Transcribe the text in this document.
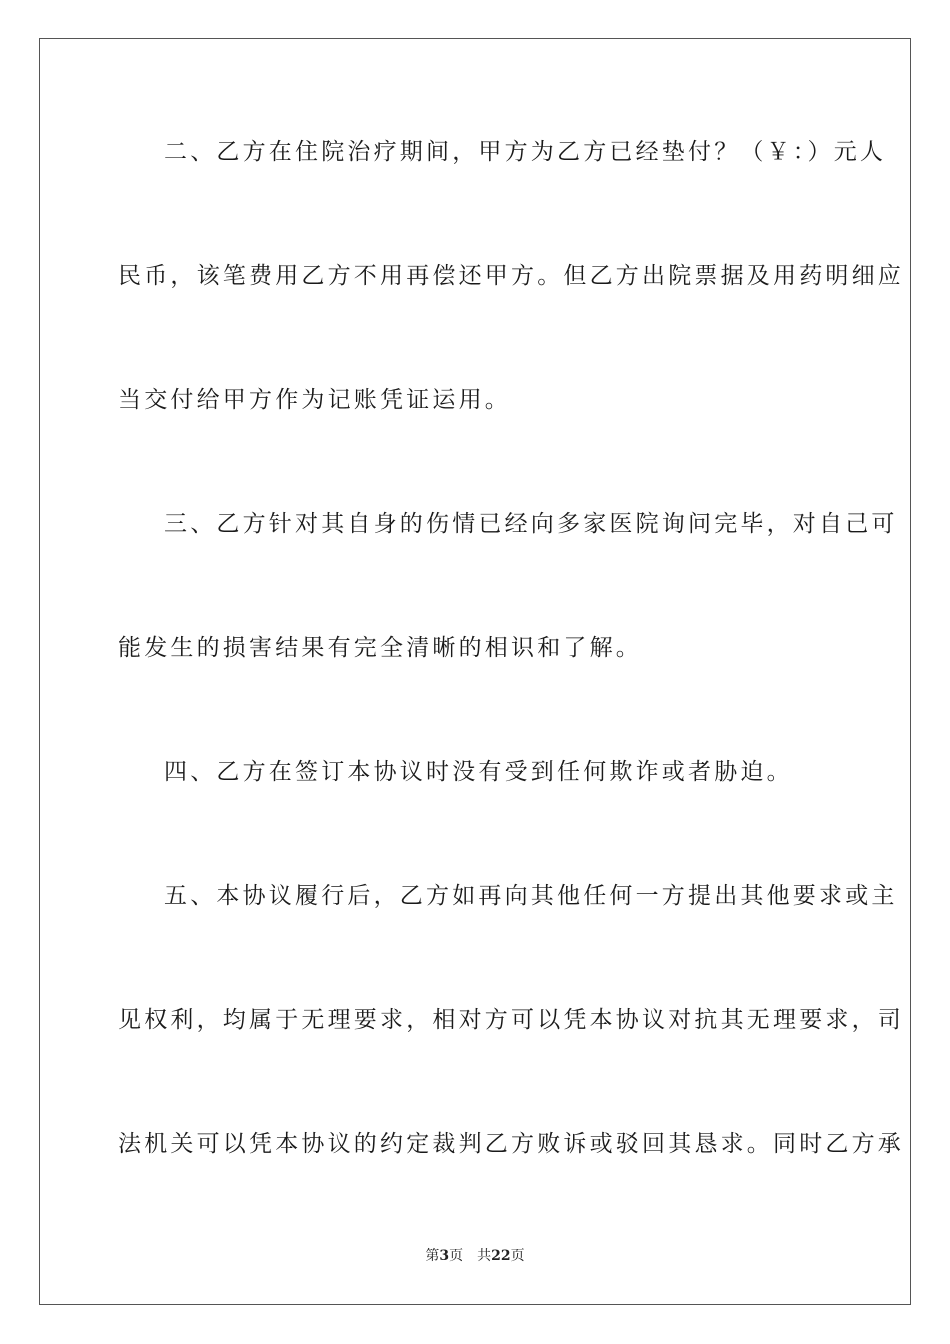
二、乙方在住院治疗期间，甲方为乙方已经垫付？（￥：）元人
民币，该笔费用乙方不用再偿还甲方。但乙方出院票据及用药明细应
当交付给甲方作为记账凭证运用。
三、乙方针对其自身的伤情已经向多家医院询问完毕，对自己可
能发生的损害结果有完全清晰的相识和了解。
四、乙方在签订本协议时没有受到任何欺诈或者胁迫。
五、本协议履行后，乙方如再向其他任何一方提出其他要求或主
见权利，均属于无理要求，相对方可以凭本协议对抗其无理要求，司
法机关可以凭本协议的约定裁判乙方败诉或驳回其恳求。同时乙方承
第3页 共22页
